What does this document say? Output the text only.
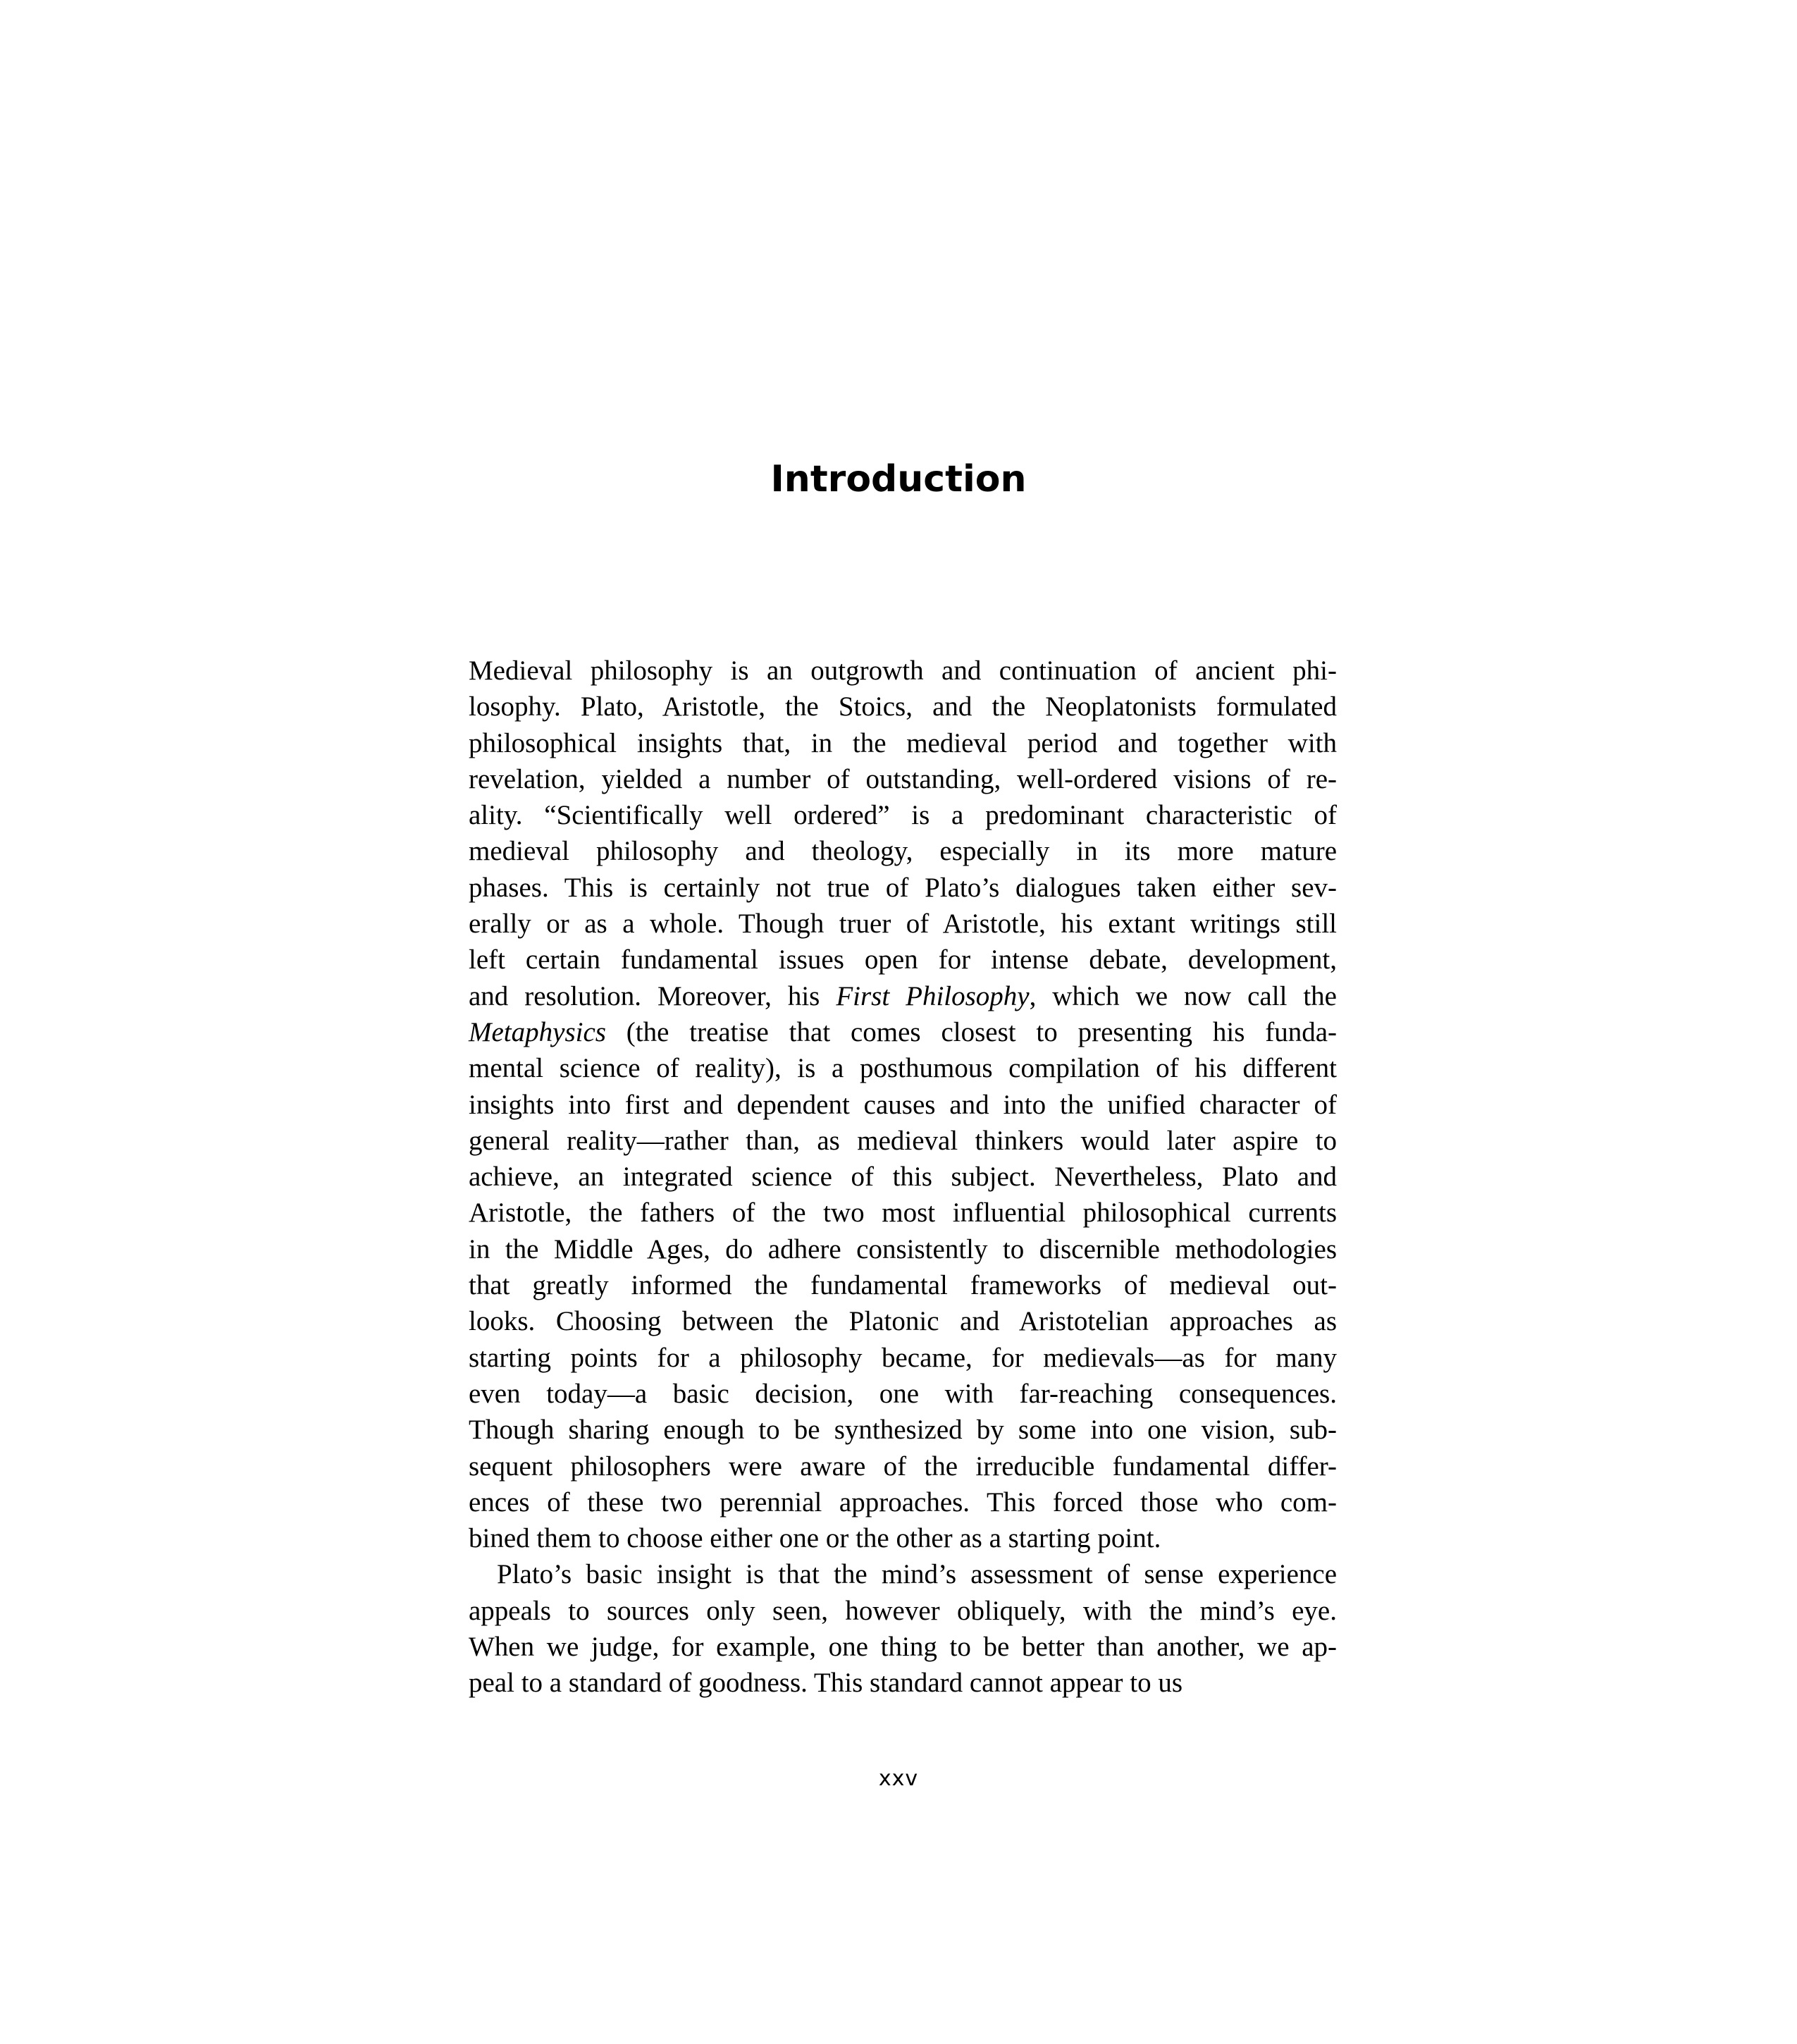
Introduction
Medieval philosophy is an outgrowth and continuation of ancient phi-
losophy. Plato, Aristotle, the Stoics, and the Neoplatonists formulated
philosophical insights that, in the medieval period and together with
revelation, yielded a number of outstanding, well-ordered visions of re-
ality. “Scientifically well ordered” is a predominant characteristic of
medieval philosophy and theology, especially in its more mature
phases. This is certainly not true of Plato’s dialogues taken either sev-
erally or as a whole. Though truer of Aristotle, his extant writings still
left certain fundamental issues open for intense debate, development,
and resolution. Moreover, his First Philosophy, which we now call the
Metaphysics (the treatise that comes closest to presenting his funda-
mental science of reality), is a posthumous compilation of his different
insights into first and dependent causes and into the unified character of
general reality—rather than, as medieval thinkers would later aspire to
achieve, an integrated science of this subject. Nevertheless, Plato and
Aristotle, the fathers of the two most influential philosophical currents
in the Middle Ages, do adhere consistently to discernible methodologies
that greatly informed the fundamental frameworks of medieval out-
looks. Choosing between the Platonic and Aristotelian approaches as
starting points for a philosophy became, for medievals—as for many
even today—a basic decision, one with far-reaching consequences.
Though sharing enough to be synthesized by some into one vision, sub-
sequent philosophers were aware of the irreducible fundamental differ-
ences of these two perennial approaches. This forced those who com-
bined them to choose either one or the other as a starting point.
Plato’s basic insight is that the mind’s assessment of sense experience
appeals to sources only seen, however obliquely, with the mind’s eye.
When we judge, for example, one thing to be better than another, we ap-
peal to a standard of goodness. This standard cannot appear to us
xxv
